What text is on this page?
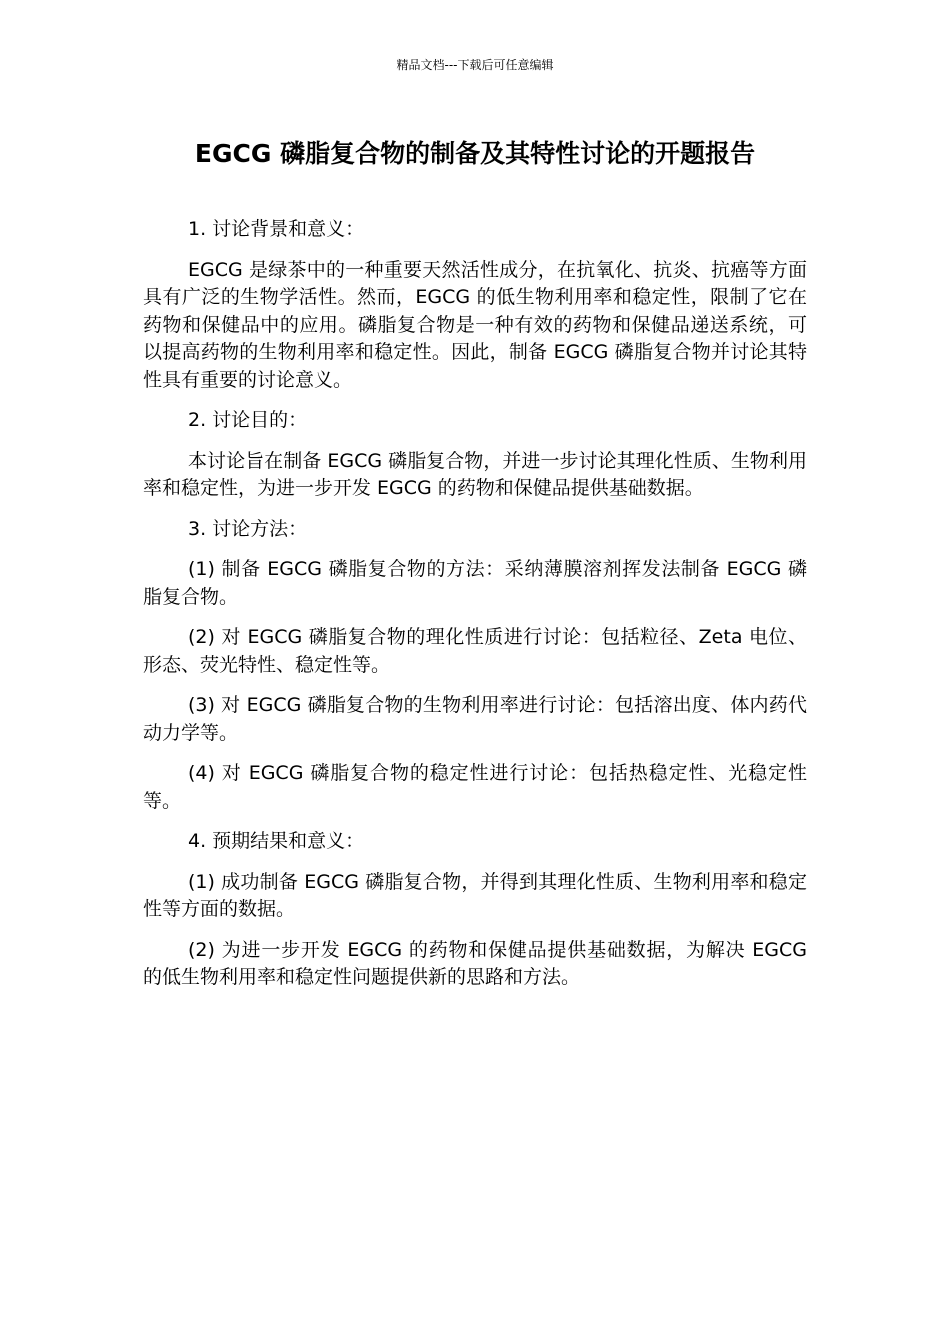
精品文档---下载后可任意编辑
EGCG 磷脂复合物的制备及其特性讨论的开题报告

1. 讨论背景和意义：

EGCG 是绿茶中的一种重要天然活性成分，在抗氧化、抗炎、抗癌等方面具有广泛的生物学活性。然而，EGCG 的低生物利用率和稳定性，限制了它在药物和保健品中的应用。磷脂复合物是一种有效的药物和保健品递送系统，可以提高药物的生物利用率和稳定性。因此，制备 EGCG 磷脂复合物并讨论其特性具有重要的讨论意义。

2. 讨论目的：

本讨论旨在制备 EGCG 磷脂复合物，并进一步讨论其理化性质、生物利用率和稳定性，为进一步开发 EGCG 的药物和保健品提供基础数据。

3. 讨论方法：

(1) 制备 EGCG 磷脂复合物的方法：采纳薄膜溶剂挥发法制备 EGCG 磷脂复合物。

(2) 对 EGCG 磷脂复合物的理化性质进行讨论：包括粒径、Zeta 电位、形态、荧光特性、稳定性等。

(3) 对 EGCG 磷脂复合物的生物利用率进行讨论：包括溶出度、体内药代动力学等。

(4) 对 EGCG 磷脂复合物的稳定性进行讨论：包括热稳定性、光稳定性等。

4. 预期结果和意义：

(1) 成功制备 EGCG 磷脂复合物，并得到其理化性质、生物利用率和稳定性等方面的数据。

(2) 为进一步开发 EGCG 的药物和保健品提供基础数据，为解决 EGCG 的低生物利用率和稳定性问题提供新的思路和方法。
